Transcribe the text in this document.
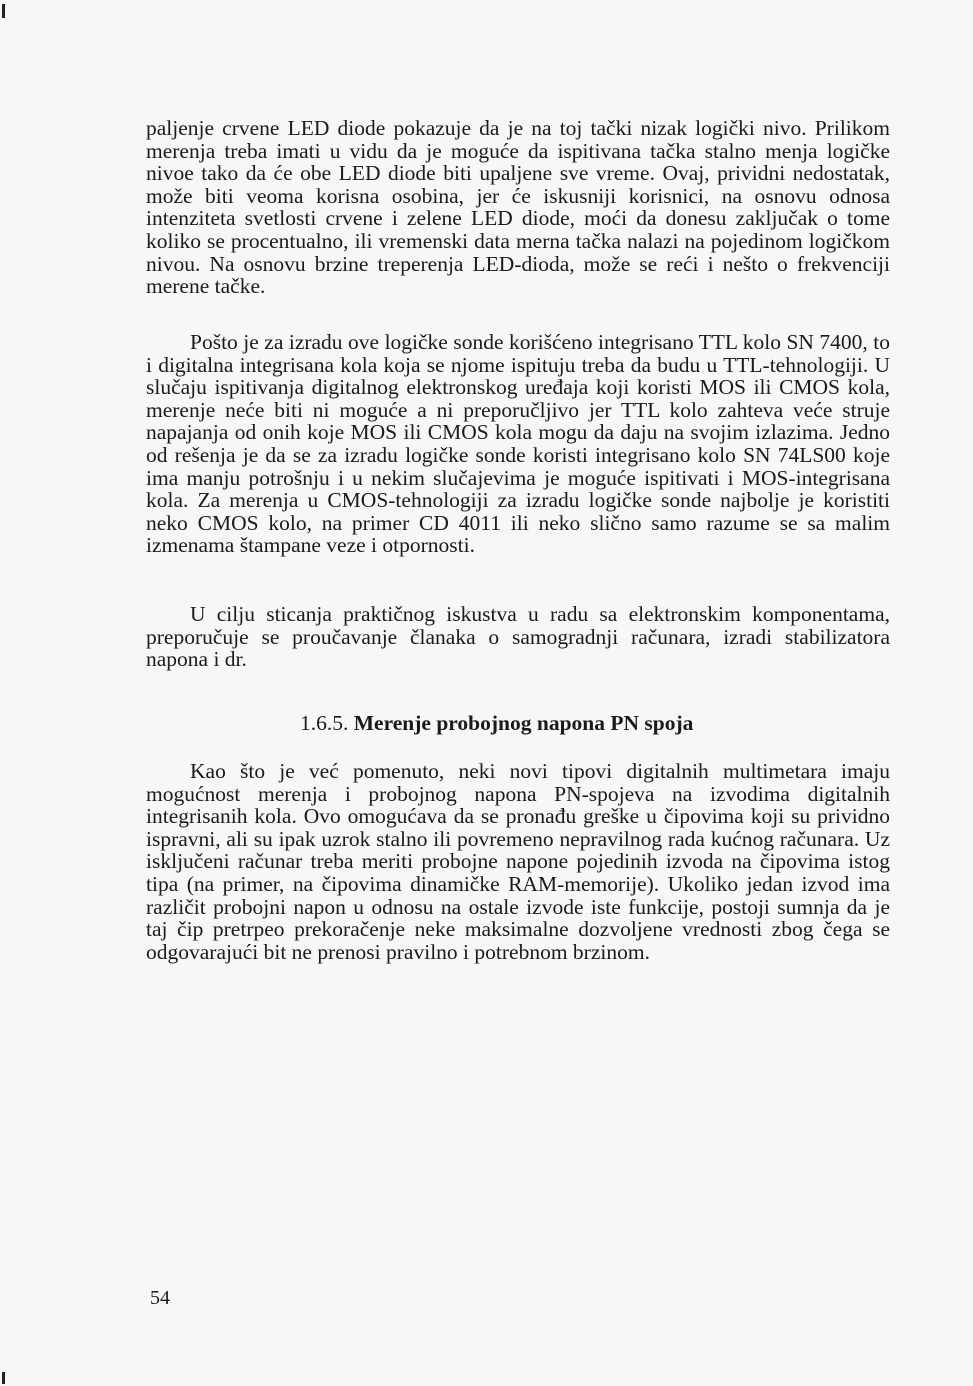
paljenje crvene LED diode pokazuje da je na toj tački nizak logički nivo. Prilikom merenja treba imati u vidu da je moguće da ispitivana tačka stalno menja logičke nivoe tako da će obe LED diode biti upaljene sve vreme. Ovaj, prividni nedostatak, može biti veoma korisna osobina, jer će iskusniji korisnici, na osnovu odnosa intenziteta svetlosti crvene i zelene LED diode, moći da donesu zaključak o tome koliko se procentualno, ili vremenski data merna tačka nalazi na pojedinom logičkom nivou. Na osnovu brzine treperenja LED-dioda, može se reći i nešto o frekvenciji merene tačke.

Pošto je za izradu ove logičke sonde korišćeno integrisano TTL kolo SN 7400, to i digitalna integrisana kola koja se njome ispituju treba da budu u TTL-tehnologiji. U slučaju ispitivanja digitalnog elektronskog uređaja koji koristi MOS ili CMOS kola, merenje neće biti ni moguće a ni preporučljivo jer TTL kolo zahteva veće struje napajanja od onih koje MOS ili CMOS kola mogu da daju na svojim izlazima. Jedno od rešenja je da se za izradu logičke sonde koristi integrisano kolo SN 74LS00 koje ima manju potrošnju i u nekim slučajevima je moguće ispitivati i MOS-integrisana kola. Za merenja u CMOS-tehnologiji za izradu logičke sonde najbolje je koristiti neko CMOS kolo, na primer CD 4011 ili neko slično samo razume se sa malim izmenama štampane veze i otpornosti.

U cilju sticanja praktičnog iskustva u radu sa elektronskim komponentama, preporučuje se proučavanje članaka o samogradnji računara, izradi stabilizatora napona i dr.

1.6.5. Merenje probojnog napona PN spoja

Kao što je već pomenuto, neki novi tipovi digitalnih multimetara imaju mogućnost merenja i probojnog napona PN-spojeva na izvodima digitalnih integrisanih kola. Ovo omogućava da se pronađu greške u čipovima koji su prividno ispravni, ali su ipak uzrok stalno ili povremeno nepravilnog rada kućnog računara. Uz isključeni računar treba meriti probojne napone pojedinih izvoda na čipovima istog tipa (na primer, na čipovima dinamičke RAM-memorije). Ukoliko jedan izvod ima različit probojni napon u odnosu na ostale izvode iste funkcije, postoji sumnja da je taj čip pretrpeo prekoračenje neke maksimalne dozvoljene vrednosti zbog čega se odgovarajući bit ne prenosi pravilno i potrebnom brzinom.

54
